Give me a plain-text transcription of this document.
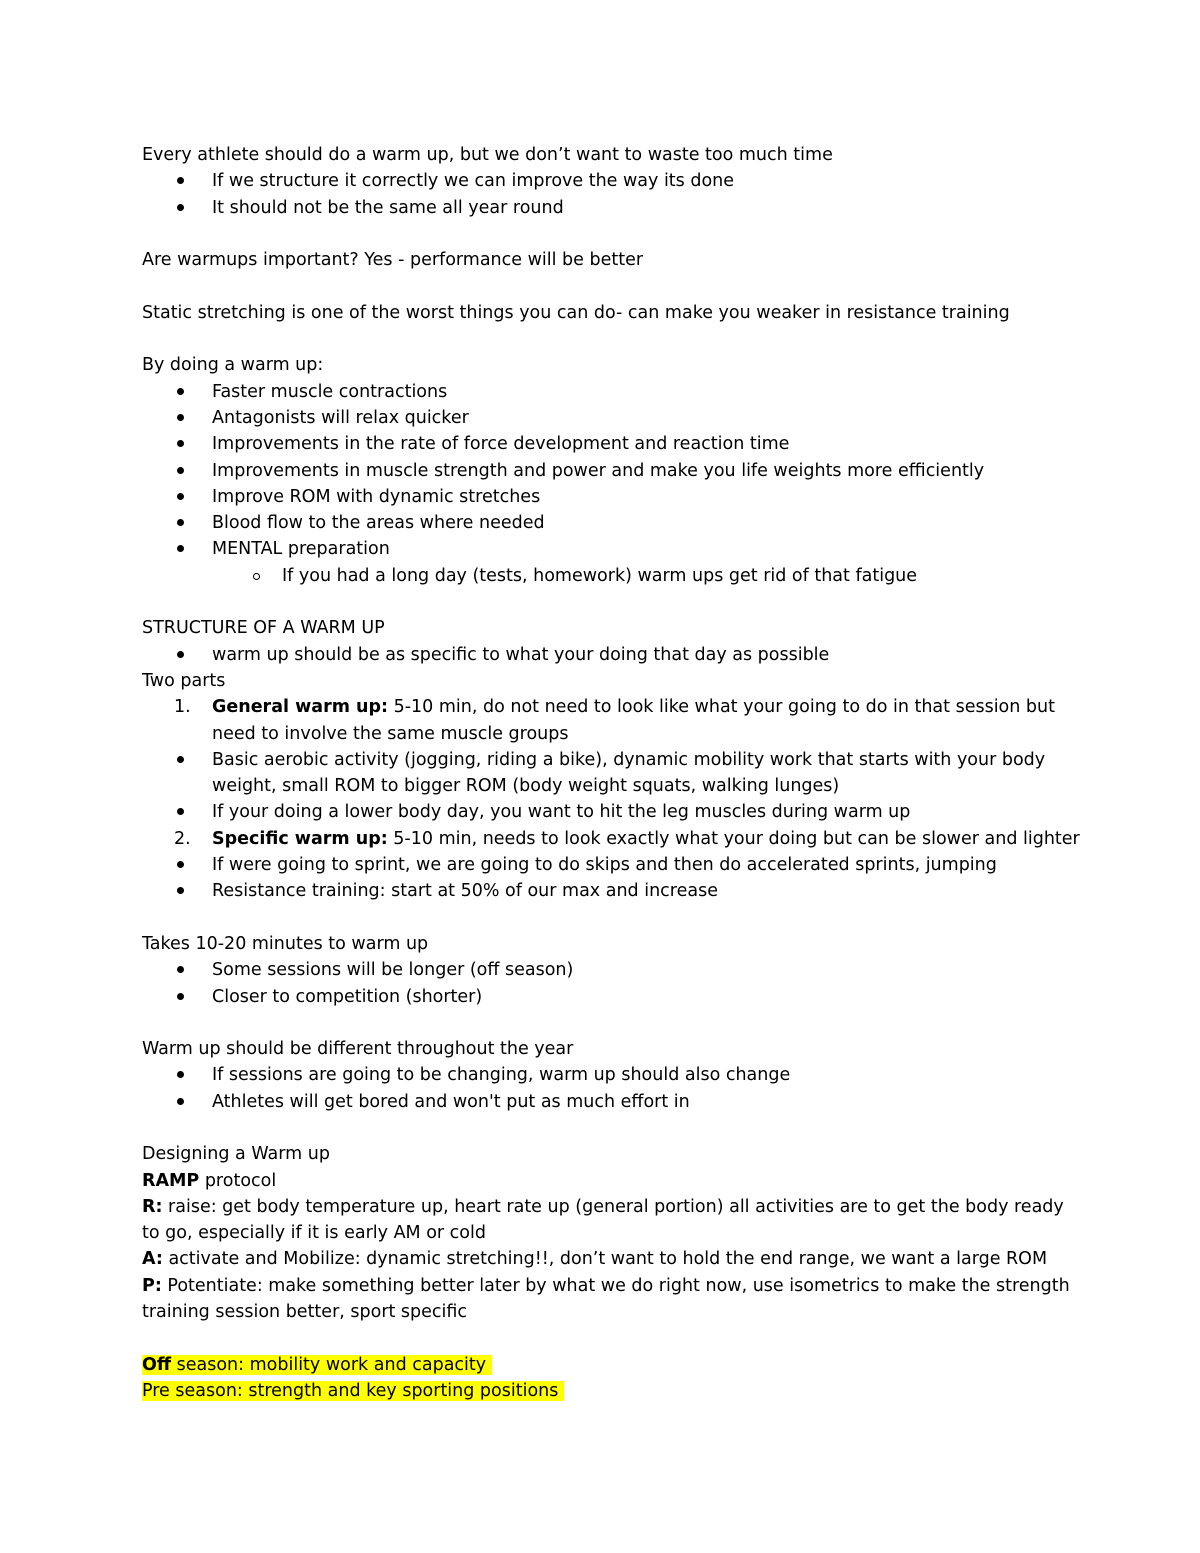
Every athlete should do a warm up, but we don’t want to waste too much time
If we structure it correctly we can improve the way its done
It should not be the same all year round
Are warmups important? Yes - performance will be better
Static stretching is one of the worst things you can do- can make you weaker in resistance training
By doing a warm up:
Faster muscle contractions
Antagonists will relax quicker
Improvements in the rate of force development and reaction time
Improvements in muscle strength and power and make you life weights more efficiently
Improve ROM with dynamic stretches
Blood flow to the areas where needed
MENTAL preparation
If you had a long day (tests, homework) warm ups get rid of that fatigue
STRUCTURE OF A WARM UP
warm up should be as specific to what your doing that day as possible
Two parts
1. General warm up: 5-10 min, do not need to look like what your going to do in that session but
need to involve the same muscle groups
Basic aerobic activity (jogging, riding a bike), dynamic mobility work that starts with your body
weight, small ROM to bigger ROM (body weight squats, walking lunges)
If your doing a lower body day, you want to hit the leg muscles during warm up
2. Specific warm up: 5-10 min, needs to look exactly what your doing but can be slower and lighter
If were going to sprint, we are going to do skips and then do accelerated sprints, jumping
Resistance training: start at 50% of our max and increase
Takes 10-20 minutes to warm up
Some sessions will be longer (off season)
Closer to competition (shorter)
Warm up should be different throughout the year
If sessions are going to be changing, warm up should also change
Athletes will get bored and won't put as much effort in
Designing a Warm up
RAMP protocol
R: raise: get body temperature up, heart rate up (general portion) all activities are to get the body ready
to go, especially if it is early AM or cold
A: activate and Mobilize: dynamic stretching!!, don’t want to hold the end range, we want a large ROM
P: Potentiate: make something better later by what we do right now, use isometrics to make the strength
training session better, sport specific
Off season: mobility work and capacity
Pre season: strength and key sporting positions
